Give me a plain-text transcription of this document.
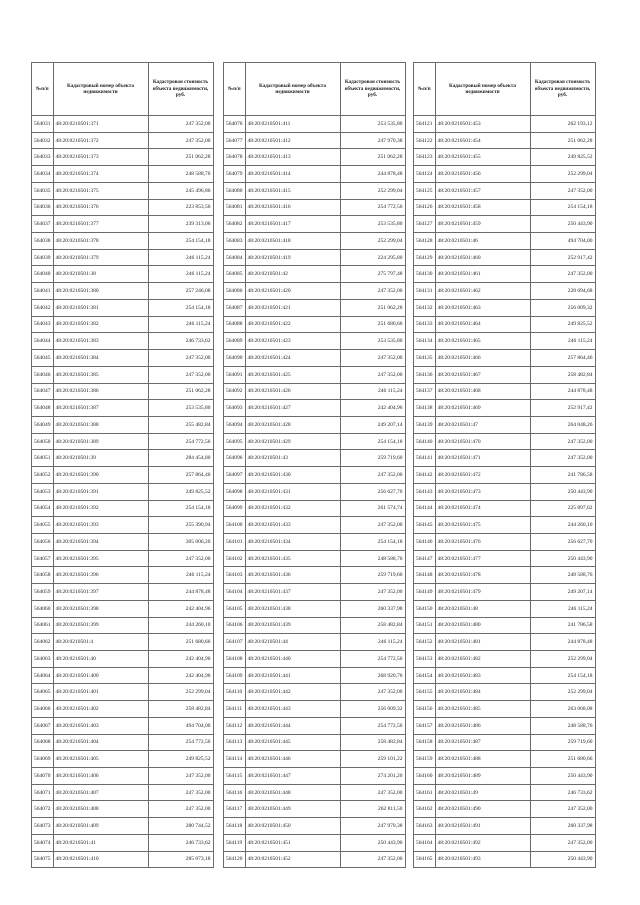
№п/п	Кадастровый номер объекта недвижимости	Кадастровая стоимость объекта недвижимости, руб.
564031	48:20:0210501:371	247 352,00
564032	48:20:0210501:372	247 352,00
564033	48:20:0210501:373	251 062,28
564034	48:20:0210501:374	248 588,76
564035	48:20:0210501:375	245 496,86
564036	48:20:0210501:376	223 853,56
564037	48:20:0210501:377	239 313,06
564038	48:20:0210501:378	254 154,18
564039	48:20:0210501:379	246 115,24
564040	48:20:0210501:38	246 115,24
564041	48:20:0210501:380	257 246,08
564042	48:20:0210501:381	254 154,18
564043	48:20:0210501:382	246 115,24
564044	48:20:0210501:383	246 733,62
564045	48:20:0210501:384	247 352,00
564046	48:20:0210501:385	247 352,00
564047	48:20:0210501:386	251 062,28
564048	48:20:0210501:387	253 535,80
564049	48:20:0210501:388	255 482,84
564050	48:20:0210501:389	254 772,56
564051	48:20:0210501:39	284 454,80
564052	48:20:0210501:390	257 864,46
564053	48:20:0210501:391	249 825,52
564054	48:20:0210501:392	254 154,18
564055	48:20:0210501:393	255 390,94
564056	48:20:0210501:394	305 006,20
564057	48:20:0210501:395	247 352,00
564058	48:20:0210501:396	246 115,24
564059	48:20:0210501:397	244 878,48
564060	48:20:0210501:398	242 404,96
564061	48:20:0210501:399	244 260,10
564062	48:20:0210501:4	251 680,66
564063	48:20:0210501:40	242 404,96
564064	48:20:0210501:400	242 404,96
564065	48:20:0210501:401	252 299,04
564066	48:20:0210501:402	258 482,84
564067	48:20:0210501:403	494 704,00
564068	48:20:0210501:404	254 772,56
564069	48:20:0210501:405	249 825,52
564070	48:20:0210501:406	247 352,00
564071	48:20:0210501:407	247 352,00
564072	48:20:0210501:408	247 352,00
564073	48:20:0210501:409	280 744,52
564074	48:20:0210501:41	246 733,62
564075	48:20:0210501:410	285 073,18
№п/п	Кадастровый номер объекта недвижимости	Кадастровая стоимость объекта недвижимости, руб.
564076	48:20:0210501:411	253 535,80
564077	48:20:0210501:412	247 970,38
564078	48:20:0210501:413	251 062,28
564079	48:20:0210501:414	244 878,48
564080	48:20:0210501:415	252 299,04
564081	48:20:0210501:416	254 772,56
564082	48:20:0210501:417	253 535,80
564083	48:20:0210501:418	252 299,04
564084	48:20:0210501:419	224 295,80
564085	48:20:0210501:42	275 797,48
564086	48:20:0210501:420	247 352,00
564087	48:20:0210501:421	251 062,28
564088	48:20:0210501:422	251 680,66
564089	48:20:0210501:423	253 535,80
564090	48:20:0210501:424	247 352,00
564091	48:20:0210501:425	247 352,00
564092	48:20:0210501:426	246 115,24
564093	48:20:0210501:427	242 404,96
564094	48:20:0210501:428	249 207,14
564095	48:20:0210501:429	254 154,18
564096	48:20:0210501:43	259 719,60
564097	48:20:0210501:430	247 352,00
564098	48:20:0210501:431	256 627,70
564099	48:20:0210501:432	261 574,74
564100	48:20:0210501:433	247 352,00
564101	48:20:0210501:434	254 154,18
564102	48:20:0210501:435	248 588,76
564103	48:20:0210501:436	259 719,60
564104	48:20:0210501:437	247 352,00
564105	48:20:0210501:438	260 337,98
564106	48:20:0210501:439	258 482,84
564107	48:20:0210501:44	246 115,24
564108	48:20:0210501:440	254 772,56
564109	48:20:0210501:441	268 920,76
564110	48:20:0210501:442	247 352,00
564111	48:20:0210501:443	256 009,32
564112	48:20:0210501:444	254 772,56
564113	48:20:0210501:445	258 482,84
564114	48:20:0210501:446	259 101,22
564115	48:20:0210501:447	274 201,20
564116	48:20:0210501:448	247 352,00
564117	48:20:0210501:449	262 811,50
564118	48:20:0210501:450	247 970,38
564119	48:20:0210501:451	250 443,90
564120	48:20:0210501:452	247 352,00
№п/п	Кадастровый номер объекта недвижимости	Кадастровая стоимость объекта недвижимости, руб.
564121	48:20:0210501:453	262 193,12
564122	48:20:0210501:454	251 062,28
564123	48:20:0210501:455	249 825,52
564124	48:20:0210501:456	252 299,04
564125	48:20:0210501:457	247 352,00
564126	48:20:0210501:458	254 154,18
564127	48:20:0210501:459	250 443,90
564128	48:20:0210501:46	494 704,00
564129	48:20:0210501:460	252 917,42
564130	48:20:0210501:461	247 352,00
564131	48:20:0210501:462	228 694,68
564132	48:20:0210501:463	256 009,32
564133	48:20:0210501:464	249 825,52
564134	48:20:0210501:465	246 115,24
564135	48:20:0210501:466	257 864,46
564136	48:20:0210501:467	258 482,84
564137	48:20:0210501:468	244 878,48
564138	48:20:0210501:469	252 917,42
564139	48:20:0210501:47	264 048,26
564140	48:20:0210501:470	247 352,00
564141	48:20:0210501:471	247 352,00
564142	48:20:0210501:472	241 786,58
564143	48:20:0210501:473	250 443,90
564144	48:20:0210501:474	225 897,62
564145	48:20:0210501:475	244 260,10
564146	48:20:0210501:476	256 627,70
564147	48:20:0210501:477	250 443,90
564148	48:20:0210501:478	248 588,76
564149	48:20:0210501:479	249 207,14
564150	48:20:0210501:48	246 115,24
564151	48:20:0210501:480	241 786,58
564152	48:20:0210501:481	244 878,48
564153	48:20:0210501:482	252 299,04
564154	48:20:0210501:483	254 154,18
564155	48:20:0210501:484	252 299,04
564156	48:20:0210501:485	263 068,08
564157	48:20:0210501:486	248 588,76
564158	48:20:0210501:487	259 719,60
564159	48:20:0210501:488	251 680,66
564160	48:20:0210501:489	250 443,90
564161	48:20:0210501:49	246 733,62
564162	48:20:0210501:490	247 352,00
564163	48:20:0210501:491	260 337,98
564164	48:20:0210501:492	247 352,00
564165	48:20:0210501:493	250 443,90
